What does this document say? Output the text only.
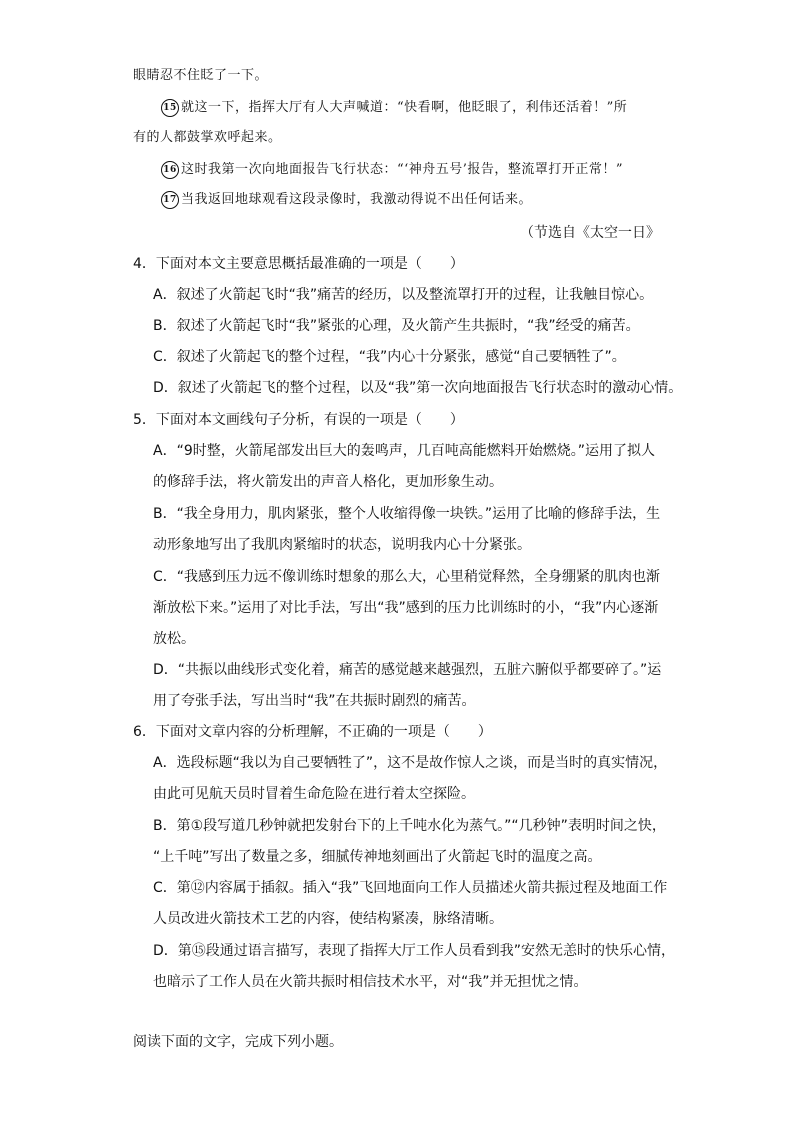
眼睛忍不住眨了一下。
15 就这一下，指挥大厅有人大声喊道：“快看啊，他眨眼了，利伟还活着！”所
有的人都鼓掌欢呼起来。
16 这时我第一次向地面报告飞行状态：“‘神舟五号’报告，整流罩打开正常！”
17 当我返回地球观看这段录像时，我激动得说不出任何话来。
（节选自《太空一日》
4．下面对本文主要意思概括最准确的一项是（　　）
A．叙述了火箭起飞时“我”痛苦的经历，以及整流罩打开的过程，让我触目惊心。
B．叙述了火箭起飞时“我”紧张的心理，及火箭产生共振时，“我”经受的痛苦。
C．叙述了火箭起飞的整个过程，“我”内心十分紧张，感觉“自己要牺牲了”。
D．叙述了火箭起飞的整个过程，以及“我”第一次向地面报告飞行状态时的激动心情。
5．下面对本文画线句子分析，有误的一项是（　　）
A．“9时整，火箭尾部发出巨大的轰鸣声，几百吨高能燃料开始燃烧。”运用了拟人
的修辞手法，将火箭发出的声音人格化，更加形象生动。
B．“我全身用力，肌肉紧张，整个人收缩得像一块铁。”运用了比喻的修辞手法，生
动形象地写出了我肌肉紧缩时的状态，说明我内心十分紧张。
C．“我感到压力远不像训练时想象的那么大，心里稍觉释然，全身绷紧的肌肉也渐
渐放松下来。”运用了对比手法，写出“我”感到的压力比训练时的小，“我”内心逐渐
放松。
D．“共振以曲线形式变化着，痛苦的感觉越来越强烈，五脏六腑似乎都要碎了。”运
用了夸张手法，写出当时“我”在共振时剧烈的痛苦。
6．下面对文章内容的分析理解，不正确的一项是（　　）
A．选段标题“我以为自己要牺牲了”，这不是故作惊人之谈，而是当时的真实情况，
由此可见航天员时冒着生命危险在进行着太空探险。
B．第①段写道几秒钟就把发射台下的上千吨水化为蒸气。”“几秒钟”表明时间之快，
“上千吨”写出了数量之多，细腻传神地刻画出了火箭起飞时的温度之高。
C．第⑫内容属于插叙。插入“我”飞回地面向工作人员描述火箭共振过程及地面工作
人员改进火箭技术工艺的内容，使结构紧凑，脉络清晰。
D．第⑮段通过语言描写，表现了指挥大厅工作人员看到我”安然无恙时的快乐心情，
也暗示了工作人员在火箭共振时相信技术水平，对“我”并无担忧之情。
阅读下面的文字，完成下列小题。
